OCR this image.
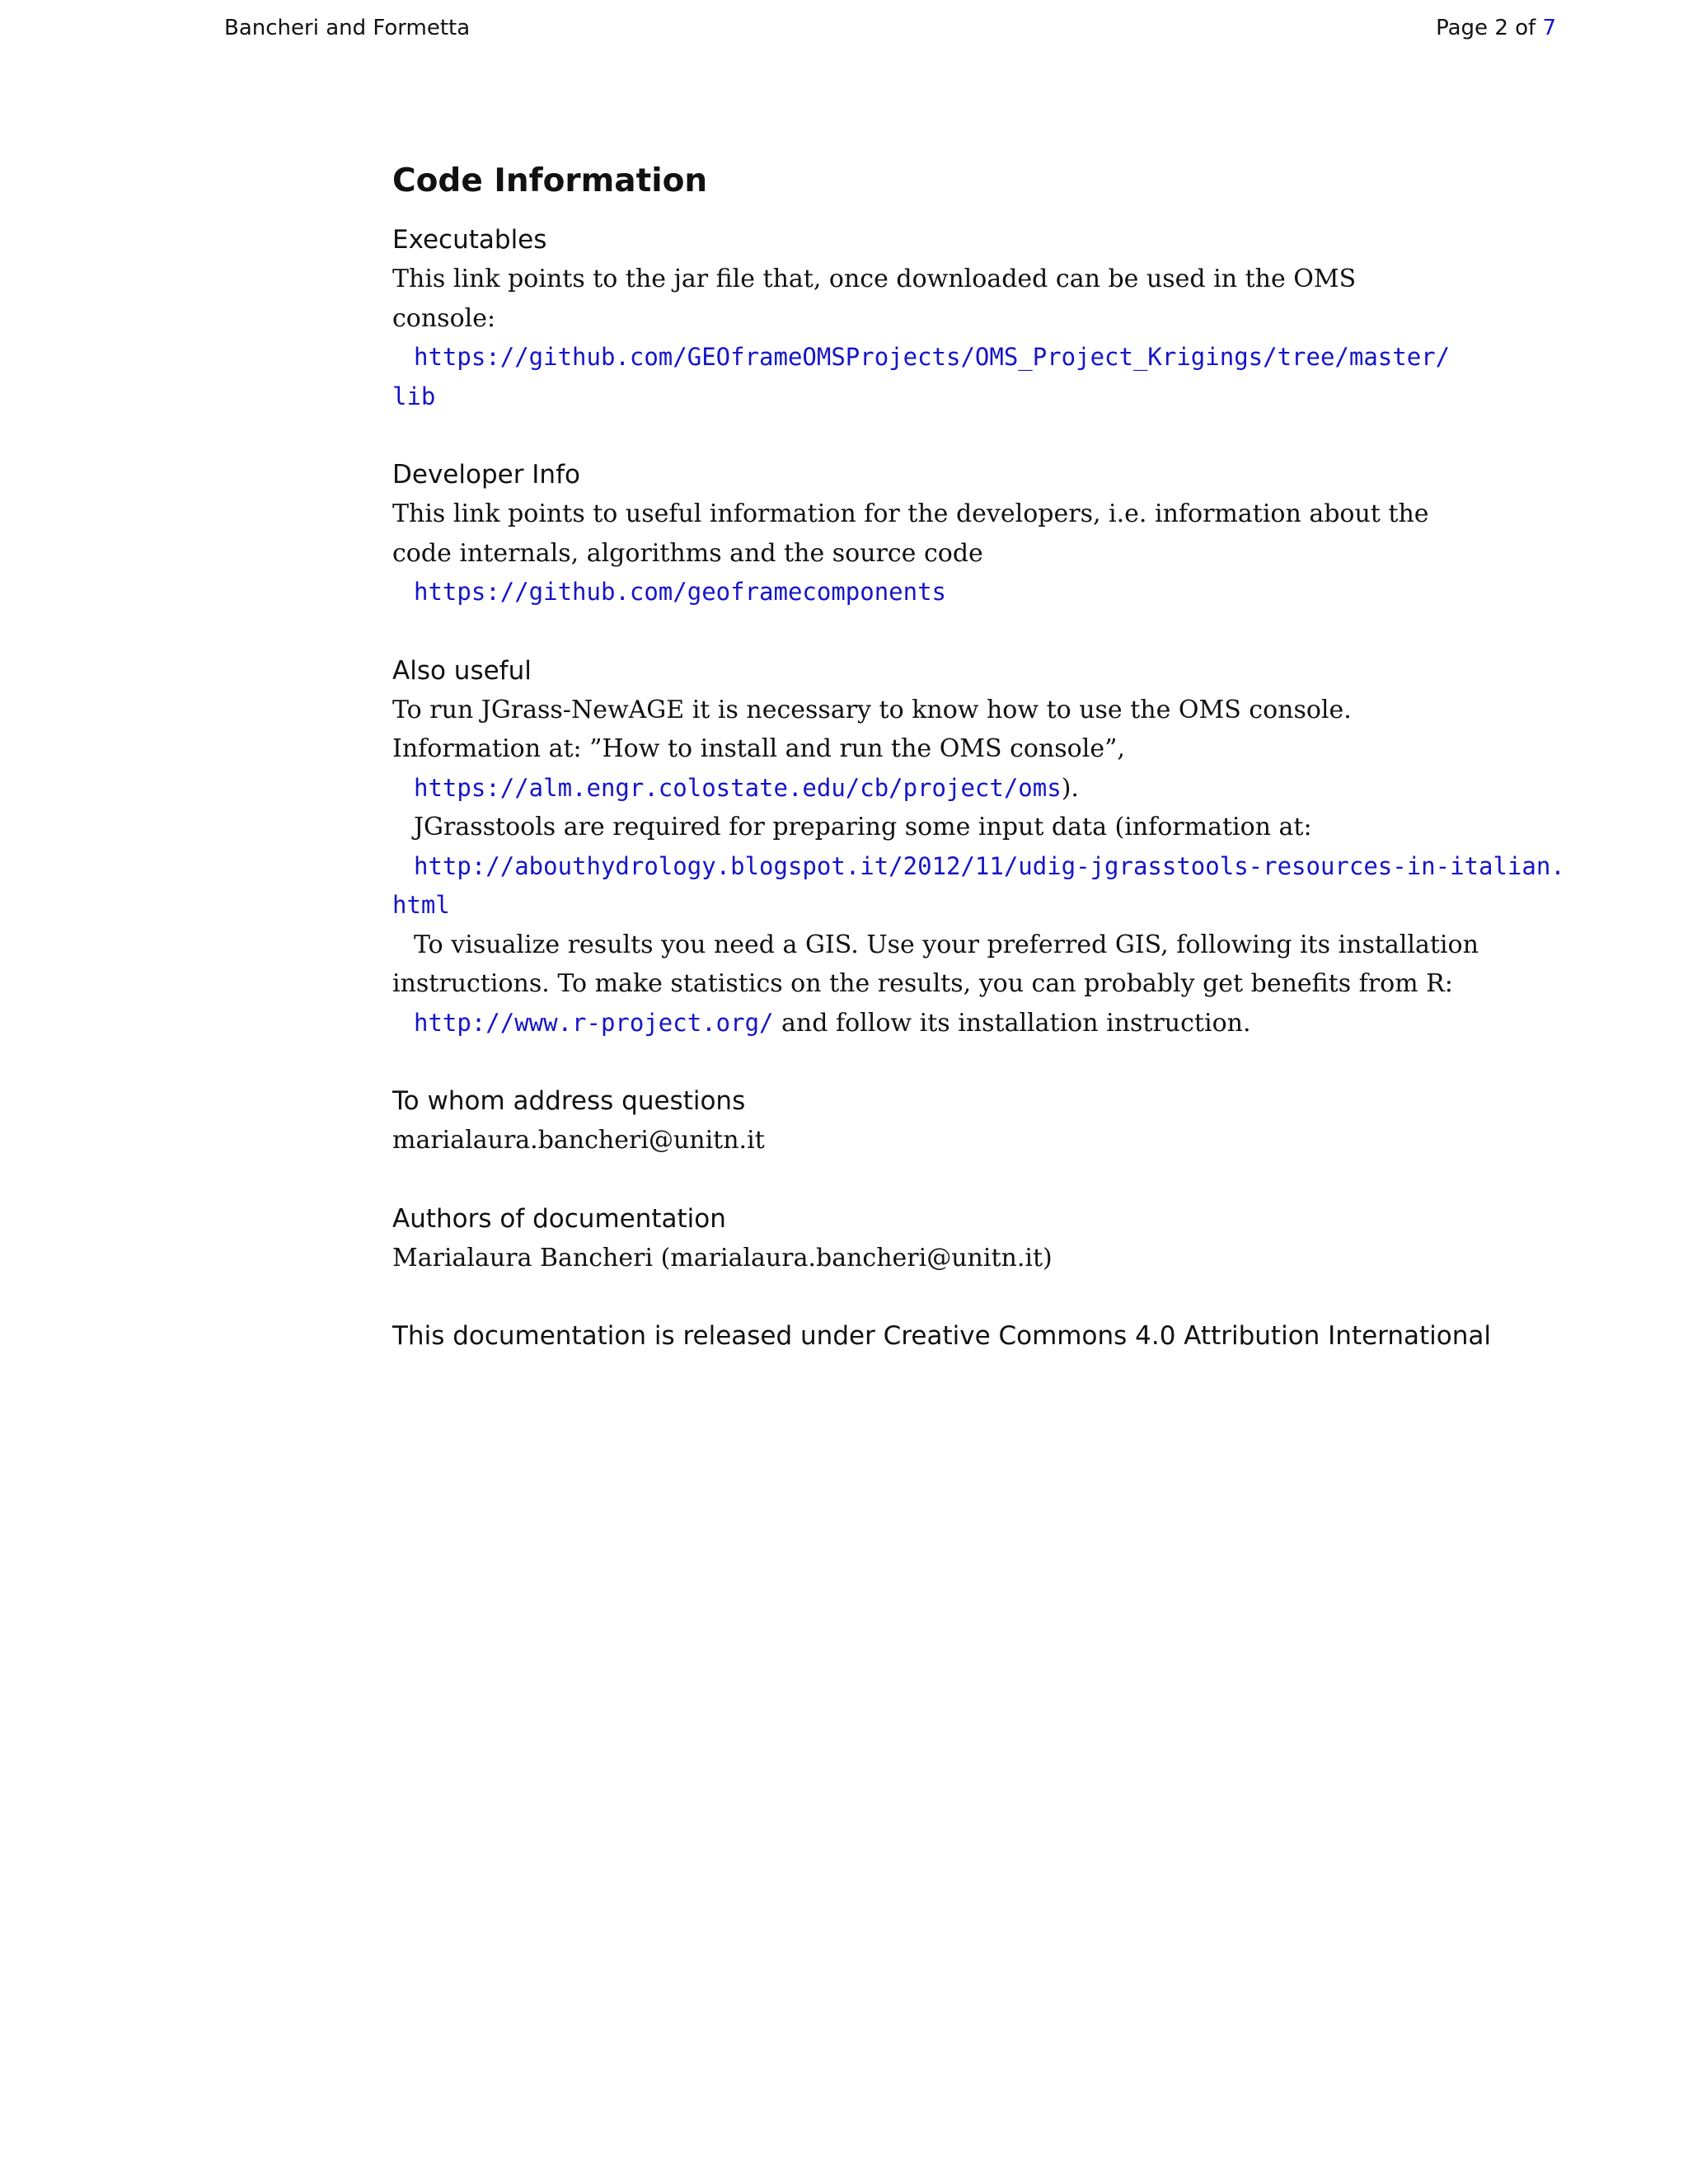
Bancheri and Formetta	Page 2 of 7
Code Information
Executables
This link points to the jar file that, once downloaded can be used in the OMS console:
https://github.com/GEOframeOMSProjects/OMS_Project_Krigings/tree/master/
lib
Developer Info
This link points to useful information for the developers, i.e. information about the code internals, algorithms and the source code
https://github.com/geoframecomponents
Also useful
To run JGrass-NewAGE it is necessary to know how to use the OMS console. Information at: ”How to install and run the OMS console”,
https://alm.engr.colostate.edu/cb/project/oms).
JGrasstools are required for preparing some input data (information at:
http://abouthydrology.blogspot.it/2012/11/udig-jgrasstools-resources-in-italian.
html
To visualize results you need a GIS. Use your preferred GIS, following its installation
instructions. To make statistics on the results, you can probably get benefits from R:
http://www.r-project.org/ and follow its installation instruction.
To whom address questions
marialaura.bancheri@unitn.it
Authors of documentation
Marialaura Bancheri (marialaura.bancheri@unitn.it)
This documentation is released under Creative Commons 4.0 Attribution International
